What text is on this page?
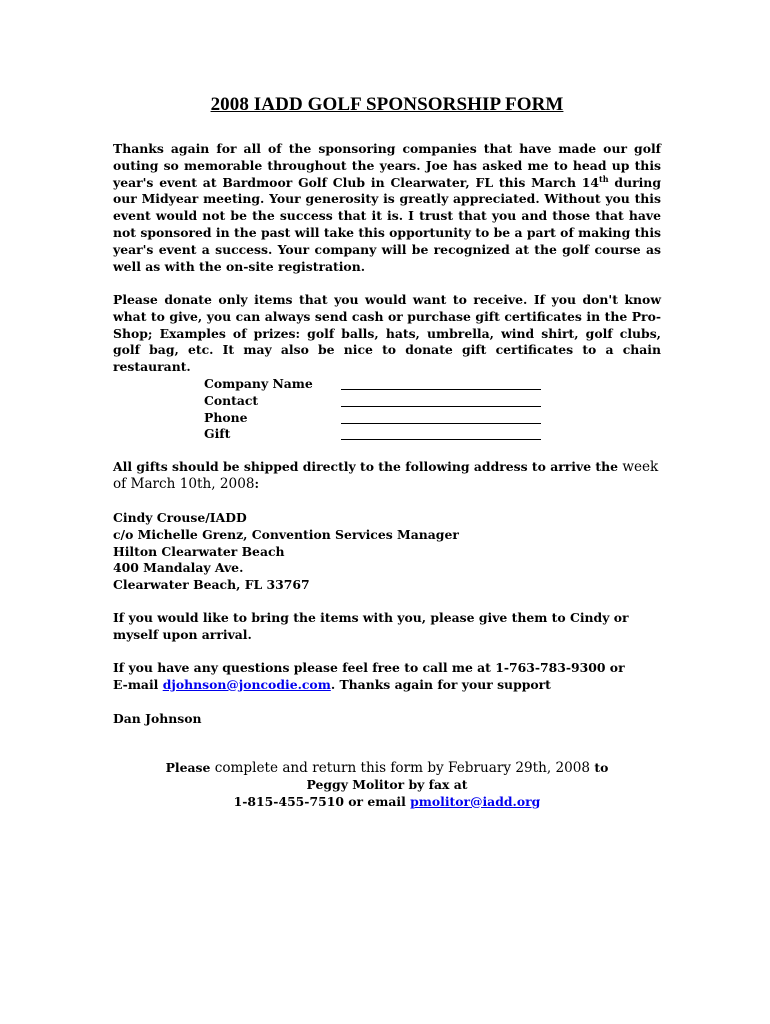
2008 IADD GOLF SPONSORSHIP FORM
Thanks again for all of the sponsoring companies that have made our golf outing so memorable throughout the years. Joe has asked me to head up this year's event at Bardmoor Golf Club in Clearwater, FL this March 14th during our Midyear meeting. Your generosity is greatly appreciated. Without you this event would not be the success that it is. I trust that you and those that have not sponsored in the past will take this opportunity to be a part of making this year's event a success. Your company will be recognized at the golf course as well as with the on-site registration.
Please donate only items that you would want to receive. If you don't know what to give, you can always send cash or purchase gift certificates in the Pro-Shop; Examples of prizes: golf balls, hats, umbrella, wind shirt, golf clubs, golf bag, etc. It may also be nice to donate gift certificates to a chain restaurant.
Company Name
Contact
Phone
Gift
All gifts should be shipped directly to the following address to arrive the week
of March 10th, 2008:
Cindy Crouse/IADD
c/o Michelle Grenz, Convention Services Manager
Hilton Clearwater Beach
400 Mandalay Ave.
Clearwater Beach, FL 33767
If you would like to bring the items with you, please give them to Cindy or myself upon arrival.
If you have any questions please feel free to call me at 1-763-783-9300 or
E-mail djohnson@joncodie.com. Thanks again for your support
Dan Johnson
Please complete and return this form by February 29th, 2008 to
Peggy Molitor by fax at
1-815-455-7510 or email pmolitor@iadd.org
